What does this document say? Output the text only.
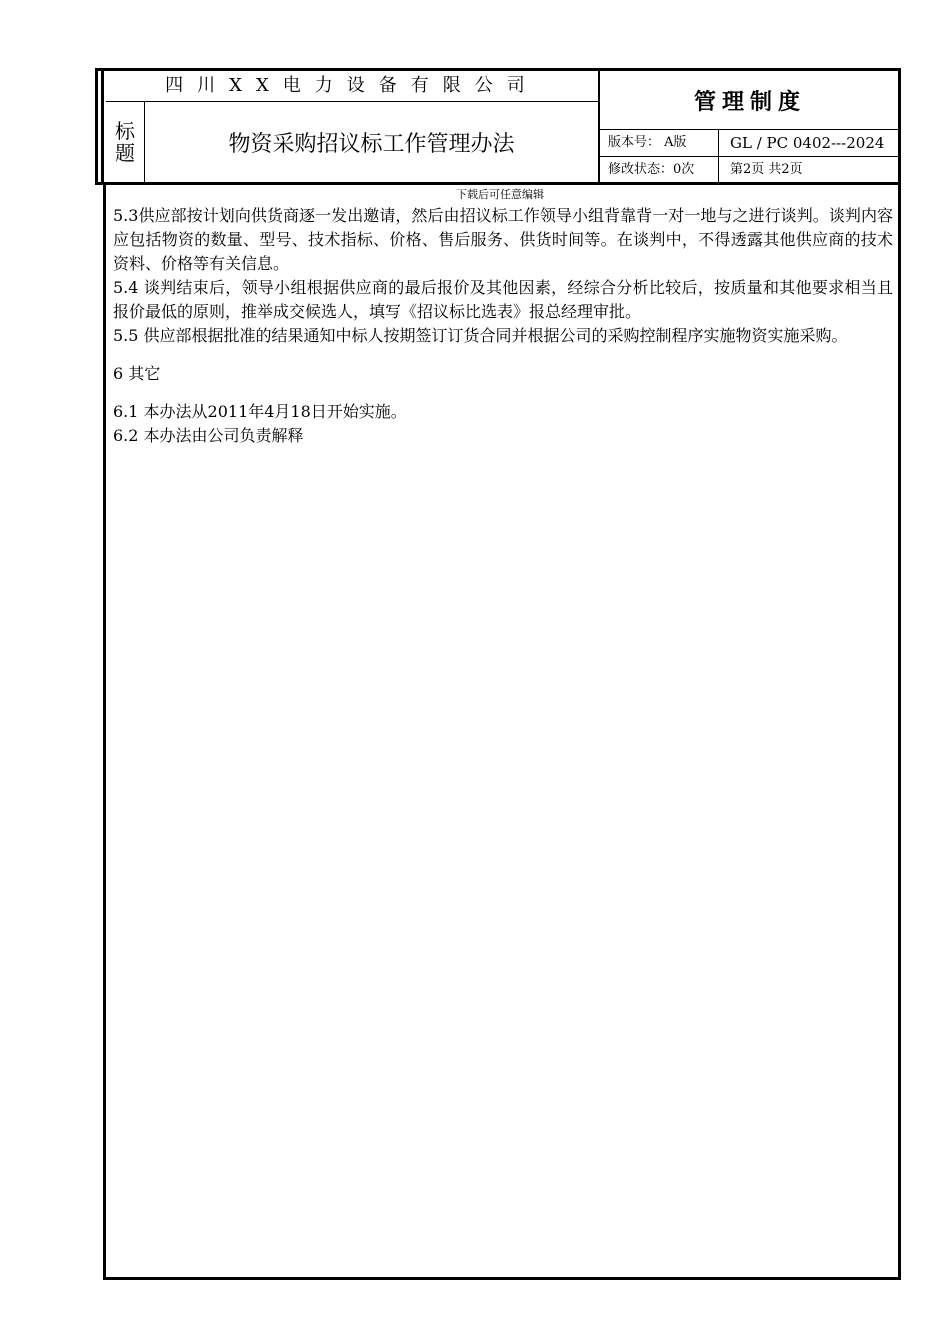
四川XX电力设备有限公司
标题	物资采购招议标工作管理办法
管理制度
版本号： A版	GL / PC 0402---2024
修改状态：0次	第2页 共2页
下载后可任意编辑

5.3供应部按计划向供货商逐一发出邀请，然后由招议标工作领导小组背靠背一对一地与之进行谈判。谈判内容应包括物资的数量、型号、技术指标、价格、售后服务、供货时间等。在谈判中，不得透露其他供应商的技术资料、价格等有关信息。

5.4 谈判结束后，领导小组根据供应商的最后报价及其他因素，经综合分析比较后，按质量和其他要求相当且报价最低的原则，推举成交候选人，填写《招议标比选表》报总经理审批。

5.5 供应部根据批准的结果通知中标人按期签订订货合同并根据公司的采购控制程序实施物资实施采购。

6 其它

6.1 本办法从2011年4月18日开始实施。

6.2 本办法由公司负责解释
